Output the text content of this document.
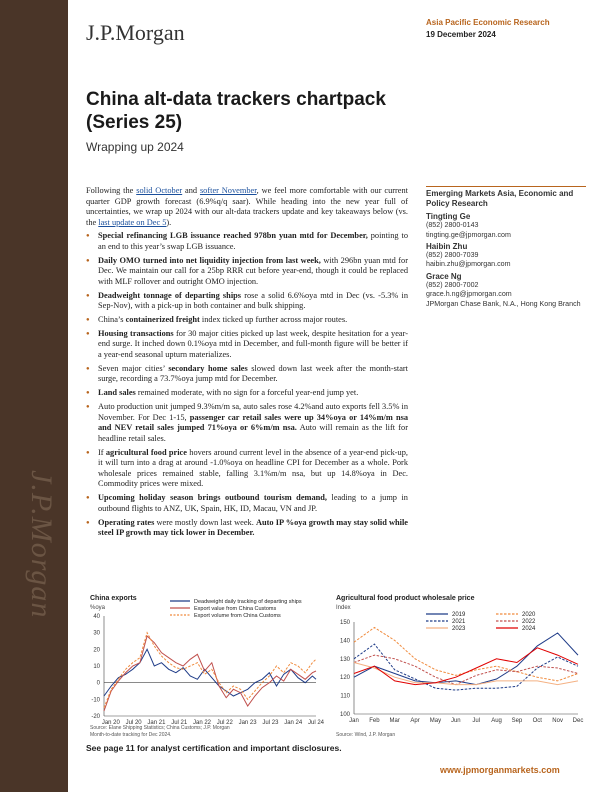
J.P.Morgan
J.P.Morgan	Asia Pacific Economic Research
19 December 2024
China alt-data trackers chartpack (Series 25)
Wrapping up 2024

Following the solid October and softer November, we feel more comfortable with our current quarter GDP growth forecast (6.9%q/q saar). While heading into the new year full of uncertainties, we wrap up 2024 with our alt-data trackers update and key takeaways below (vs. the last update on Dec 5).

● Special refinancing LGB issuance reached 978bn yuan mtd for December, pointing to an end to this year’s swap LGB issuance.
● Daily OMO turned into net liquidity injection from last week, with 296bn yuan mtd for Dec. We maintain our call for a 25bp RRR cut before year-end, though it could be replaced with MLF rollover and outright OMO injection.
● Deadweight tonnage of departing ships rose a solid 6.6%oya mtd in Dec (vs. -5.3% in Sep-Nov), with a pick-up in both container and bulk shipping.
● China’s containerized freight index ticked up further across major routes.
● Housing transactions for 30 major cities picked up last week, despite hesitation for a year-end surge. It inched down 0.1%oya mtd in December, and full-month figure will be better if a year-end seasonal upturn materializes.
● Seven major cities’ secondary home sales slowed down last week after the month-start surge, recording a 73.7%oya jump mtd for December.
● Land sales remained moderate, with no sign for a forceful year-end jump yet.
● Auto production unit jumped 9.3%m/m sa, auto sales rose 4.2%and auto exports fell 3.5% in November. For Dec 1-15, passenger car retail sales were up 34%oya or 14%m/m nsa and NEV retail sales jumped 71%oya or 6%m/m nsa. Auto will remain as the lift for headline retail sales.
● If agricultural food price hovers around current level in the absence of a year-end pick-up, it will turn into a drag at around -1.0%oya on headline CPI for December as a whole. Pork wholesale prices remained stable, falling 3.1%m/m nsa, but up 14.8%oya in Dec. Commodity prices were mixed.
● Upcoming holiday season brings outbound tourism demand, leading to a jump in outbound flights to ANZ, UK, Spain, HK, ID, Macau, VN and JP.
● Operating rates were mostly down last week. Auto IP %oya growth may stay solid while steel IP growth may tick lower in December.
Emerging Markets Asia, Economic and Policy Research
Tingting Ge
(852) 2800-0143
tingting.ge@jpmorgan.com
Haibin Zhu
(852) 2800-7039
haibin.zhu@jpmorgan.com
Grace Ng
(852) 2800-7002
grace.h.ng@jpmorgan.com
JPMorgan Chase Bank, N.A., Hong Kong Branch
China exports
%oya
Deadweight daily tracking of departing ships
Export value from China Customs
Export volume from China Customs
Source: Elane Shipping Statistics; China Customs; J.P. Morgan
Month-to-date tracking for Dec 2024.
-20
-10
0
10
20
30
40
Jan 20 Jul 20 Jan 21 Jul 21 Jan 22 Jul 22 Jan 23 Jul 23 Jan 24 Jul 24
Agricultural food product wholesale price
Index
Source: Wind, J.P. Morgan
100
110
120
130
140
150
Jan Feb Mar Apr May Jun Jul Aug Sep Oct Nov Dec
2019	2020
2021	2022
2023	2024
See page 11 for analyst certification and important disclosures.
www.jpmorganmarkets.com
